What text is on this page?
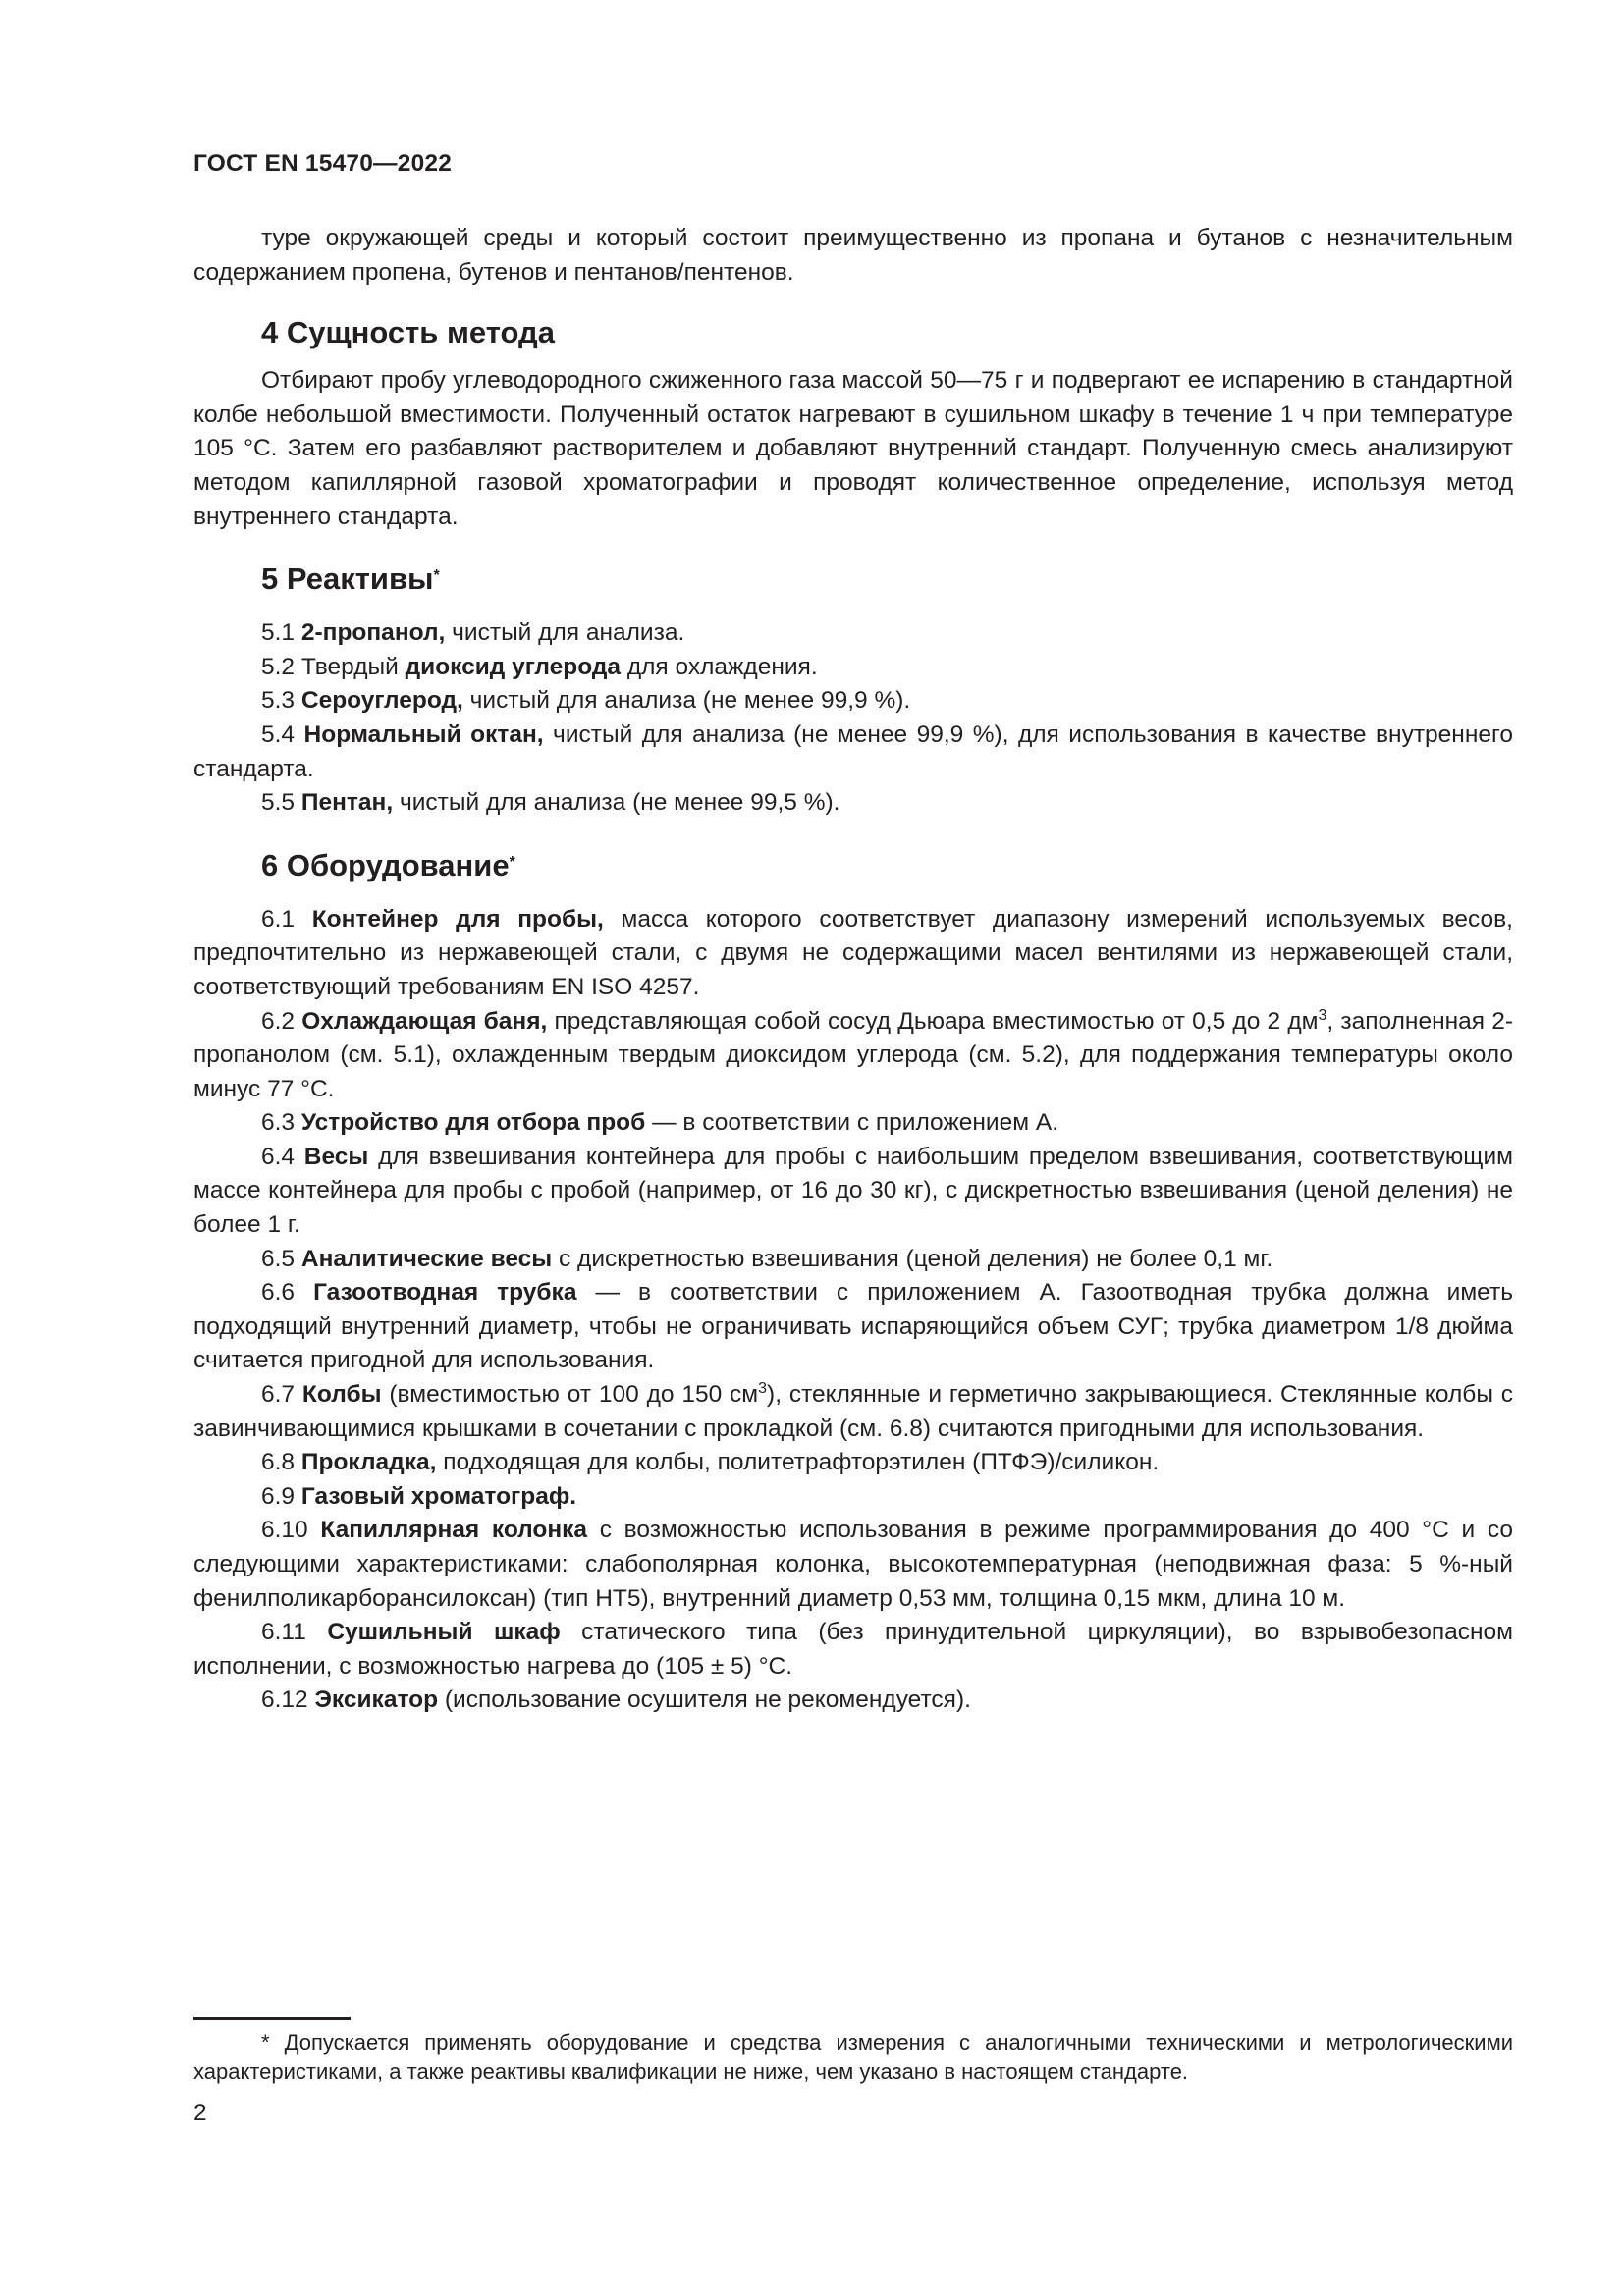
ГОСТ EN 15470—2022

туре окружающей среды и который состоит преимущественно из пропана и бутанов с незначительным содержанием пропена, бутенов и пентанов/пентенов.

4 Сущность метода

Отбирают пробу углеводородного сжиженного газа массой 50—75 г и подвергают ее испарению в стандартной колбе небольшой вместимости. Полученный остаток нагревают в сушильном шкафу в течение 1 ч при температуре 105 °C. Затем его разбавляют растворителем и добавляют внутренний стандарт. Полученную смесь анализируют методом капиллярной газовой хроматографии и проводят количественное определение, используя метод внутреннего стандарта.

5 Реактивы*

5.1 2-пропанол, чистый для анализа.

5.2 Твердый диоксид углерода для охлаждения.

5.3 Сероуглерод, чистый для анализа (не менее 99,9 %).

5.4 Нормальный октан, чистый для анализа (не менее 99,9 %), для использования в качестве внутреннего стандарта.

5.5 Пентан, чистый для анализа (не менее 99,5 %).

6 Оборудование*

6.1 Контейнер для пробы, масса которого соответствует диапазону измерений используемых весов, предпочтительно из нержавеющей стали, с двумя не содержащими масел вентилями из нержавеющей стали, соответствующий требованиям EN ISO 4257.

6.2 Охлаждающая баня, представляющая собой сосуд Дьюара вместимостью от 0,5 до 2 $дм^3$, заполненная 2-пропанолом (см. 5.1), охлажденным твердым диоксидом углерода (см. 5.2), для поддержания температуры около минус 77 °C.

6.3 Устройство для отбора проб — в соответствии с приложением А.

6.4 Весы для взвешивания контейнера для пробы с наибольшим пределом взвешивания, соответствующим массе контейнера для пробы с пробой (например, от 16 до 30 кг), с дискретностью взвешивания (ценой деления) не более 1 г.

6.5 Аналитические весы с дискретностью взвешивания (ценой деления) не более 0,1 мг.

6.6 Газоотводная трубка — в соответствии с приложением А. Газоотводная трубка должна иметь подходящий внутренний диаметр, чтобы не ограничивать испаряющийся объем СУГ; трубка диаметром 1/8 дюйма считается пригодной для использования.

6.7 Колбы (вместимостью от 100 до 150 $см^3$), стеклянные и герметично закрывающиеся. Стеклянные колбы с завинчивающимися крышками в сочетании с прокладкой (см. 6.8) считаются пригодными для использования.

6.8 Прокладка, подходящая для колбы, политетрафторэтилен (ПТФЭ)/силикон.

6.9 Газовый хроматограф.

6.10 Капиллярная колонка с возможностью использования в режиме программирования до 400 °C и со следующими характеристиками: слабополярная колонка, высокотемпературная (неподвижная фаза: 5 %-ный фенилполикарборансилоксан) (тип НТ5), внутренний диаметр 0,53 мм, толщина 0,15 мкм, длина 10 м.

6.11 Сушильный шкаф статического типа (без принудительной циркуляции), во взрывобезопасном исполнении, с возможностью нагрева до (105 ± 5) °C.

6.12 Эксикатор (использование осушителя не рекомендуется).

* Допускается применять оборудование и средства измерения с аналогичными техническими и метрологическими характеристиками, а также реактивы квалификации не ниже, чем указано в настоящем стандарте.
2
